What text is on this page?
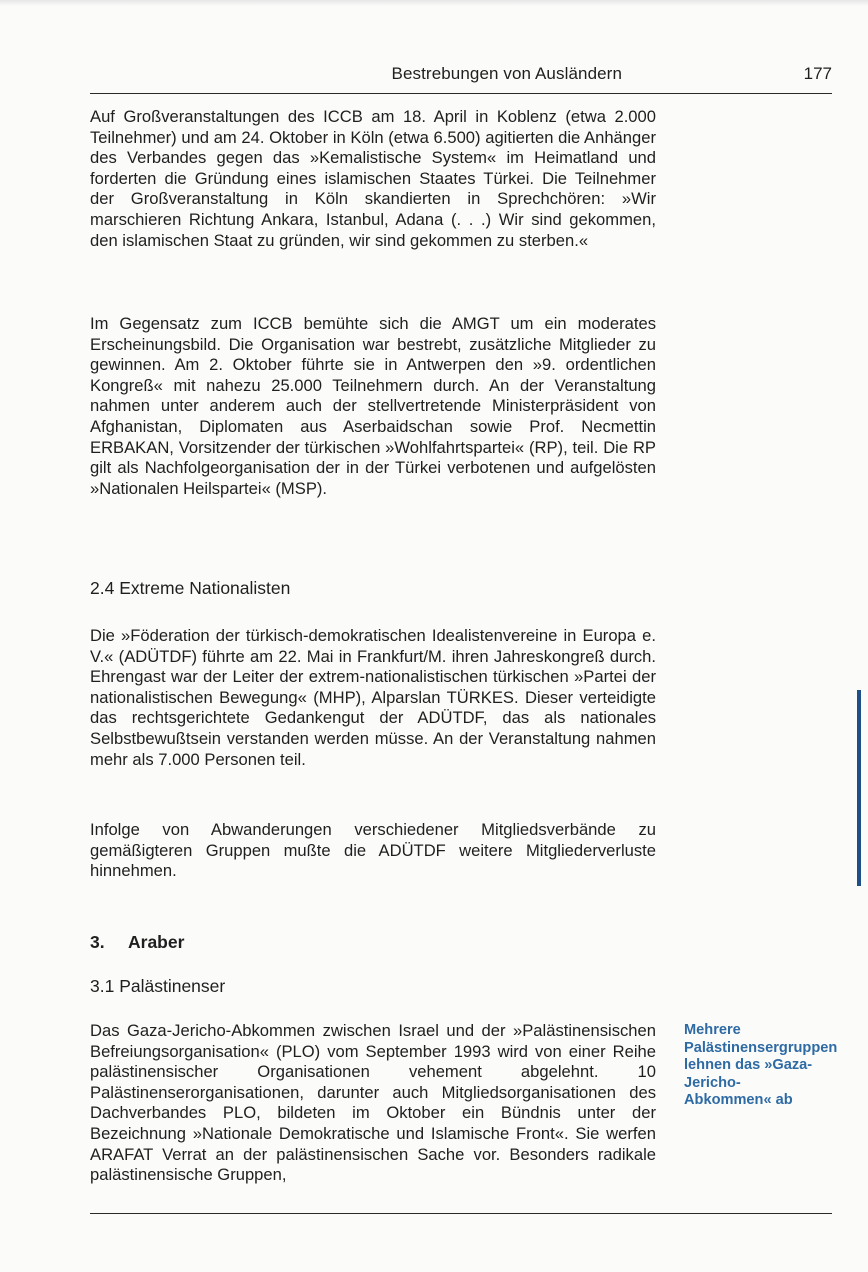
Bestrebungen von Ausländern	177

Auf Großveranstaltungen des ICCB am 18. April in Koblenz (etwa 2.000 Teilnehmer) und am 24. Oktober in Köln (etwa 6.500) agitierten die Anhänger des Verbandes gegen das »Kemalistische System« im Heimatland und forderten die Gründung eines islamischen Staates Türkei. Die Teilnehmer der Großveranstaltung in Köln skandierten in Sprechchören: »Wir marschieren Richtung Ankara, Istanbul, Adana (. . .) Wir sind gekommen, den islamischen Staat zu gründen, wir sind gekommen zu sterben.«

Im Gegensatz zum ICCB bemühte sich die AMGT um ein moderates Erscheinungsbild. Die Organisation war bestrebt, zusätzliche Mitglieder zu gewinnen. Am 2. Oktober führte sie in Antwerpen den »9. ordentlichen Kongreß« mit nahezu 25.000 Teilnehmern durch. An der Veranstaltung nahmen unter anderem auch der stellvertretende Ministerpräsident von Afghanistan, Diplomaten aus Aserbaidschan sowie Prof. Necmettin ERBAKAN, Vorsitzender der türkischen »Wohlfahrtspartei« (RP), teil. Die RP gilt als Nachfolgeorganisation der in der Türkei verbotenen und aufgelösten »Nationalen Heilspartei« (MSP).

2.4 Extreme Nationalisten

Die »Föderation der türkisch-demokratischen Idealistenvereine in Europa e. V.« (ADÜTDF) führte am 22. Mai in Frankfurt/M. ihren Jahreskongreß durch. Ehrengast war der Leiter der extrem-nationalistischen türkischen »Partei der nationalistischen Bewegung« (MHP), Alparslan TÜRKES. Dieser verteidigte das rechtsgerichtete Gedankengut der ADÜTDF, das als nationales Selbstbewußtsein verstanden werden müsse. An der Veranstaltung nahmen mehr als 7.000 Personen teil.

Infolge von Abwanderungen verschiedener Mitgliedsverbände zu gemäßigteren Gruppen mußte die ADÜTDF weitere Mitgliederverluste hinnehmen.

3. Araber
3.1 Palästinenser

Das Gaza-Jericho-Abkommen zwischen Israel und der »Palästinensischen Befreiungsorganisation« (PLO) vom September 1993 wird von einer Reihe palästinensischer Organisationen vehement abgelehnt. 10 Palästinenserorganisationen, darunter auch Mitgliedsorganisationen des Dachverbandes PLO, bildeten im Oktober ein Bündnis unter der Bezeichnung »Nationale Demokratische und Islamische Front«. Sie werfen ARAFAT Verrat an der palästinensischen Sache vor. Besonders radikale palästinensische Gruppen,

Mehrere Palästinensergruppen lehnen das »Gaza-Jericho-Abkommen« ab
